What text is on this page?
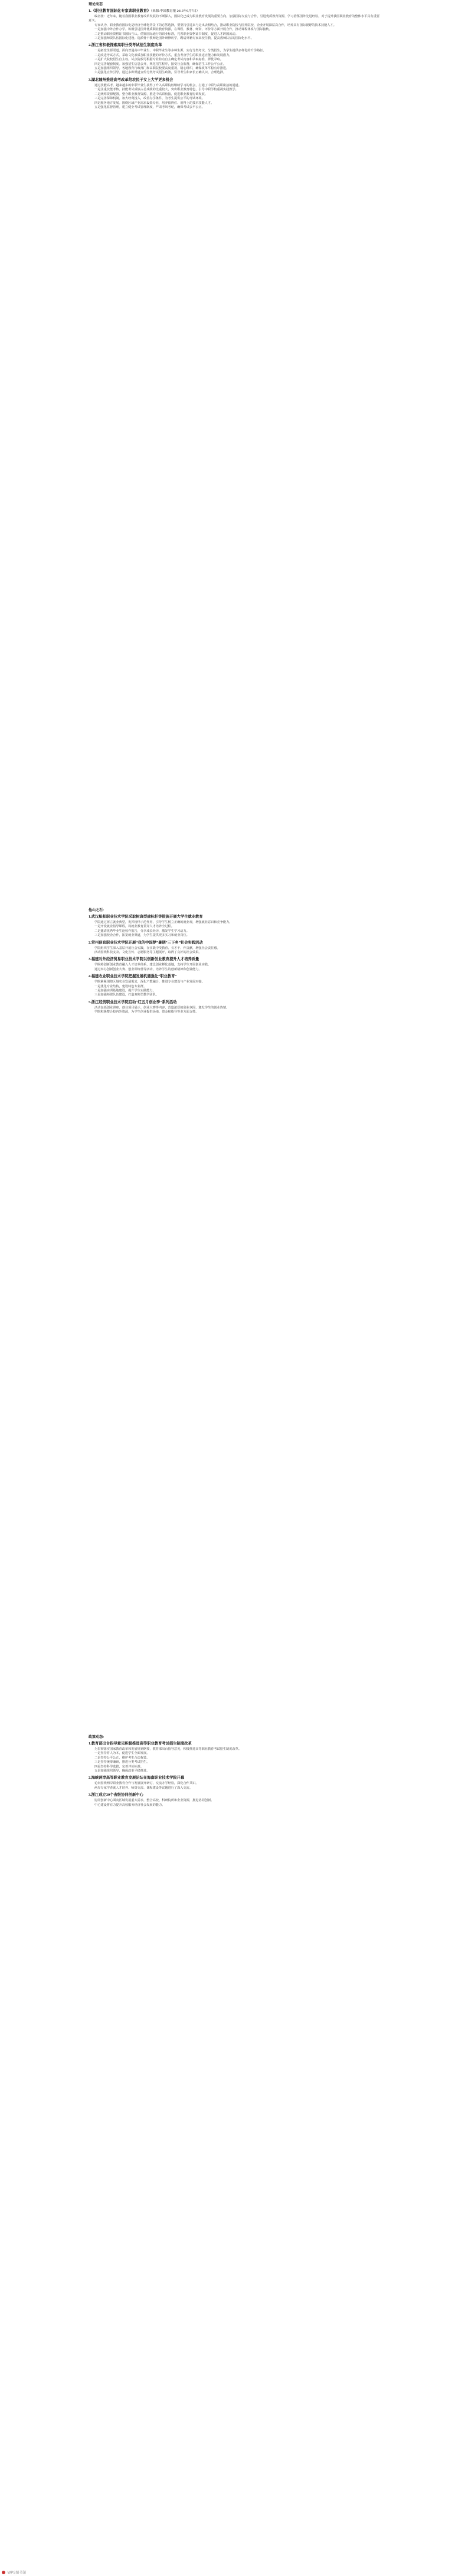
理论动态
1.《职业教育国际化专家谈职业教育》（来源:中国教育报 2013年6月7日）

编者按：近年来，随着我国职业教育改革发展的不断深入，国际化已成为职业教育发展的重要方向。加强国际交流与合作，引进优质教育资源，学习借鉴国外先进经验，对于提升我国职业教育的整体水平具有重要意义。

专家认为，职业教育国际化是经济全球化背景下的必然选择，要坚持引进来与走出去相结合，推动职业院校与国外院校、企业开展深层次合作，培养具有国际视野的技术技能人才。

一是加强中外合作办学。积极引进国外优质职业教育资源，在课程、教材、师资、评价等方面开展合作，推动课程体系与国际接轨。

二是推动职业资格证书国际互认。借鉴国际通行的职业标准，完善职业资格证书制度，促进人才跨国流动。

三是加强师资队伍国际化建设。选派骨干教师赴国外研修访学，聘请外籍专家来校任教，提高教师队伍的国际化水平。

2.浙江省积极探索高职分类考试招生制度改革

一是拓宽生源渠道。面向普通高中毕业生、中职毕业生等多种生源，实行分类考试、分类招生，为学生提供多样化的升学路径。

二是改进考试方式。采取文化素质加职业技能的评价方式，重点考查学生的职业适应能力和发展潜力。

三是扩大院校招生自主权。试点院校可根据专业特点自主确定考试内容和录取标准，择优录取。

四是完善配套制度。加强招生信息公开，规范招生程序，接受社会监督，确保招生工作公平公正。

五是加强组织领导。各地教育行政部门和高职院校要高度重视，精心组织，确保改革平稳有序推进。

六是强化宣传引导。通过多种渠道宣传分类考试招生政策，引导考生和家长正确认识、合理选择。

3.湖北随州推进高考改革给农民子女上大学更多机会

通过技能高考，越来越多的中职毕业生获得了升入高职院校继续学习的机会，打通了中职与高职衔接的通道。

一是注重技能考核。技能考试成绩占总成绩的比重较大，突出职业教育特色，引导中职学校重视实践教学。

二是统筹资源配置。整合职业教育资源，推进中高职衔接，促进职业教育协调发展。

三是完善保障机制。加大经费投入，改善办学条件，为考生提供公平的考试环境。

四是服务地方发展。围绕区域产业需求设置专业，培养留得住、用得上的技术技能人才。

五是强化监督管理。建立健全考试管理制度，严肃考风考纪，确保考试公平公正。

他山之石:
1.武汉船舶职业技术学院采取树典型建标杆等措施开展大学生就业教育

学院通过树立就业典型，发挥榜样示范作用，引导学生树立正确的就业观，增强就业意识和竞争能力。

一是开设就业指导课程，将就业教育贯穿人才培养全过程。

二是邀请优秀毕业生返校作报告，分享成长经历，激发学生学习动力。

三是加强校企合作，拓宽就业渠道，为学生提供更多实习和就业岗位。

2.常州信息职业技术学院开展“我的中国梦”暑期“三下乡”社会实践活动

学院组织学生深入基层开展社会实践，在实践中受教育、长才干、作贡献，增强社会责任感。

活动围绕科技支农、文化宣传、志愿服务等主题展开，取得了良好的社会效果。

3.福建对外经济贸易职业技术学院以创新创业教育提升人才培养质量

学院将创新创业教育融入人才培养体系，建设创业孵化基地，支持学生开展创业实践。

通过举办创新创业大赛、创业训练营等活动，培养学生的创新精神和创业能力。

4.福建农业职业技术学院把握发展机遇强化“职业教育”

学院紧紧围绕区域农业发展需求，深化产教融合，推进专业建设与产业发展对接。

一是优化专业结构，建设特色专业群。

二是加强实训基地建设，提升学生实践能力。

三是加强师资队伍建设，打造双师型教学团队。

5.浙江经贸职业技术学院启动“红五月创业季”系列活动

活动包括创业讲座、创业项目展示、创业大赛等内容，营造浓厚的创业氛围，激发学生的创业热情。

学院积极整合校内外资源，为学生创业提供场地、资金和指导等多方面支持。

政策动态:
1.教育部出台指导意见积极推进高等职业教育考试招生制度改革

为贯彻落实国家教育改革和发展规划纲要，教育部出台指导意见，积极推进高等职业教育考试招生制度改革。

一是坚持育人为本，促进学生全面发展。

二是坚持公平公正，维护考生合法权益。

三是坚持统筹兼顾，推进分类考试招生。

四是坚持科学选拔，完善评价标准。

五是加强组织领导，确保改革平稳推进。

2.海峡两岸高等职业教育发展论坛在海南职业技术学院开幕

论坛围绕两岸职业教育合作与发展展开研讨，交流办学经验，深化合作共识。

两岸专家学者就人才培养、师资交流、课程建设等议题进行了深入交流。

3.浙江成立30个省级协同创新中心

协同创新中心面向区域发展重大需求，整合高校、科研院所和企业资源，推进协同创新。

中心建设将有力提升高校服务经济社会发展的能力。

WPS图书馆
